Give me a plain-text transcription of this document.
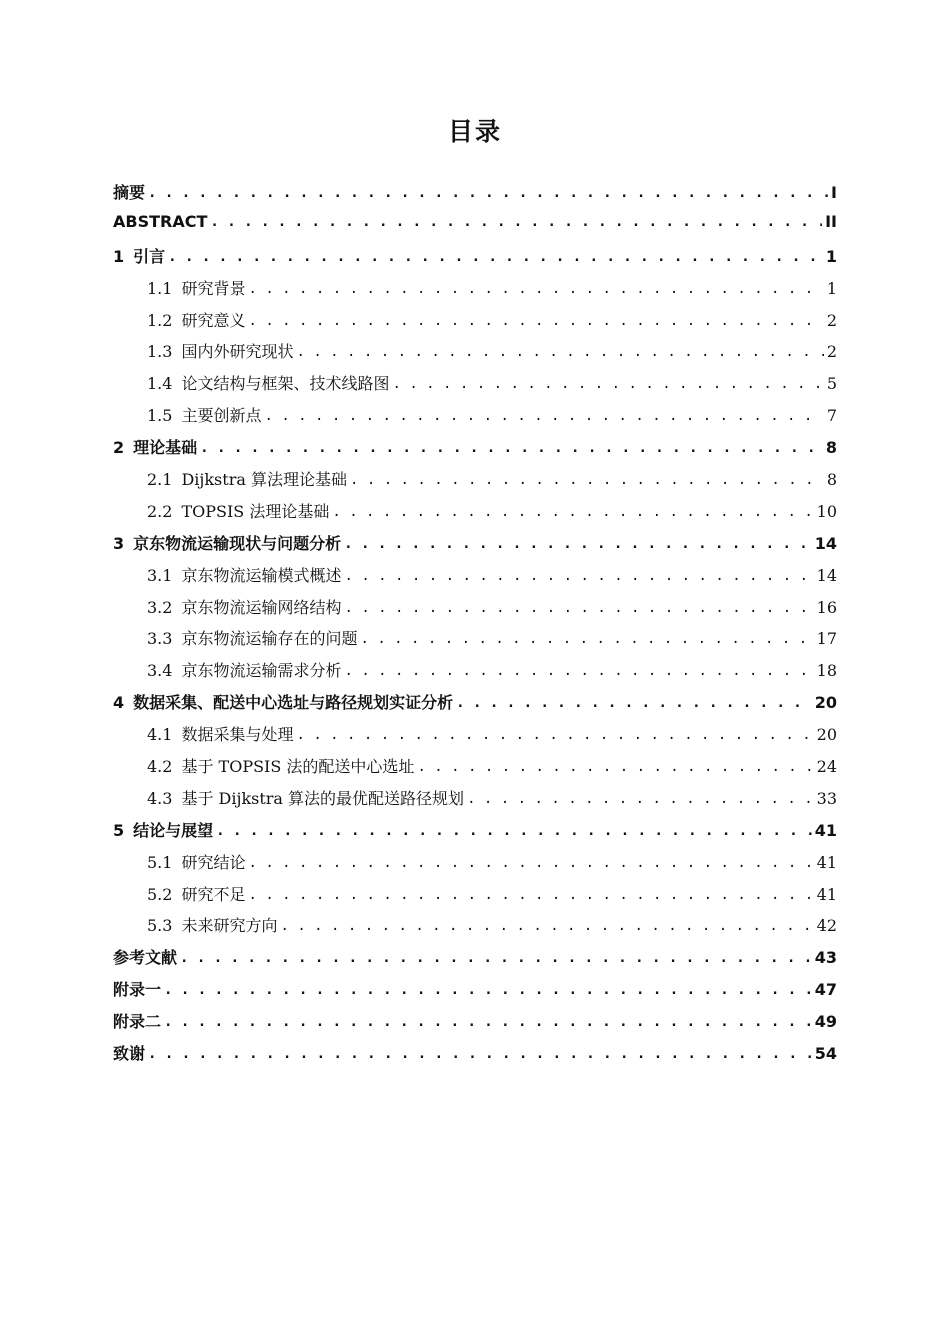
目录
摘要 . . .	I
ABSTRACT . . .	II
1 引言 . . .	1
1.1 研究背景 . . .	1
1.2 研究意义 . . .	2
1.3 国内外研究现状 . . .	2
1.4 论文结构与框架、技术线路图 . . .	5
1.5 主要创新点 . . .	7
2 理论基础 . . .	8
2.1 Dijkstra 算法理论基础 . . .	8
2.2 TOPSIS 法理论基础 . . .	10
3 京东物流运输现状与问题分析 . . .	14
3.1 京东物流运输模式概述 . . .	14
3.2 京东物流运输网络结构 . . .	16
3.3 京东物流运输存在的问题 . . .	17
3.4 京东物流运输需求分析 . . .	18
4 数据采集、配送中心选址与路径规划实证分析 . . .	20
4.1 数据采集与处理 . . .	20
4.2 基于 TOPSIS 法的配送中心选址 . . .	24
4.3 基于 Dijkstra 算法的最优配送路径规划 . . .	33
5 结论与展望 . . .	41
5.1 研究结论 . . .	41
5.2 研究不足 . . .	41
5.3 未来研究方向 . . .	42
参考文献 . . .	43
附录一 . . .	47
附录二 . . .	49
致谢 . . .	54
